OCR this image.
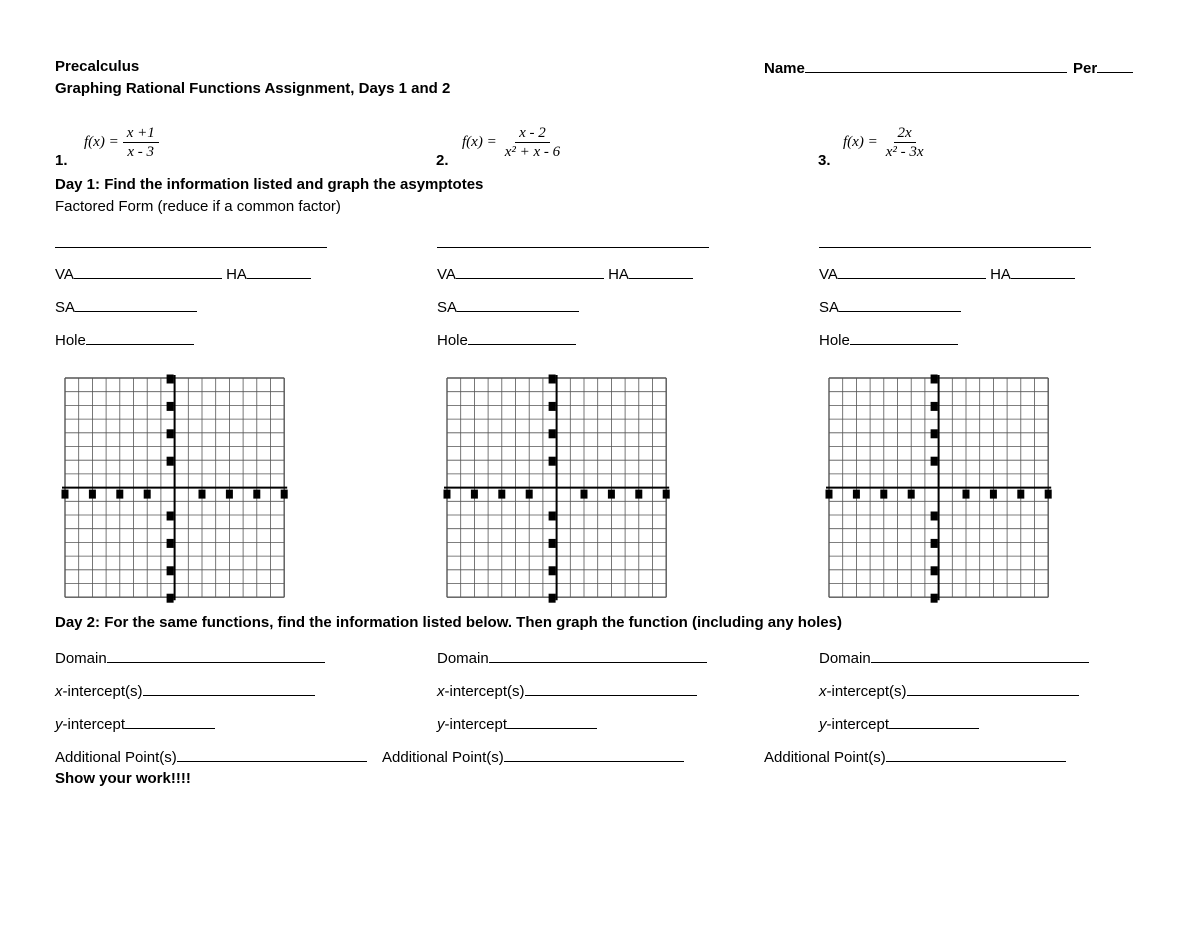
Precalculus
Graphing Rational Functions Assignment, Days 1 and 2
Name	Per
1.
$f(x) = \frac{x +1}{x - 3}$	2.
$f(x) = \frac{x - 2}{\text{x² + x - 6}}$	3.
$f(x) = \frac{2x}{\text{x² - 3x}}$
Day 1: Find the information listed and graph the asymptotes
Factored Form (reduce if a common factor)
VA	HA
SA
Hole
VA	HA
SA
Hole
VA	HA
SA
Hole
Day 2: For the same functions, find the information listed below. Then graph the function (including any holes)
Domain
x-intercept(s)
y-intercept
Additional Point(s)
Domain
x-intercept(s)
y-intercept
Additional Point(s)
Domain
x-intercept(s)
y-intercept
Additional Point(s)
Show your work!!!!
